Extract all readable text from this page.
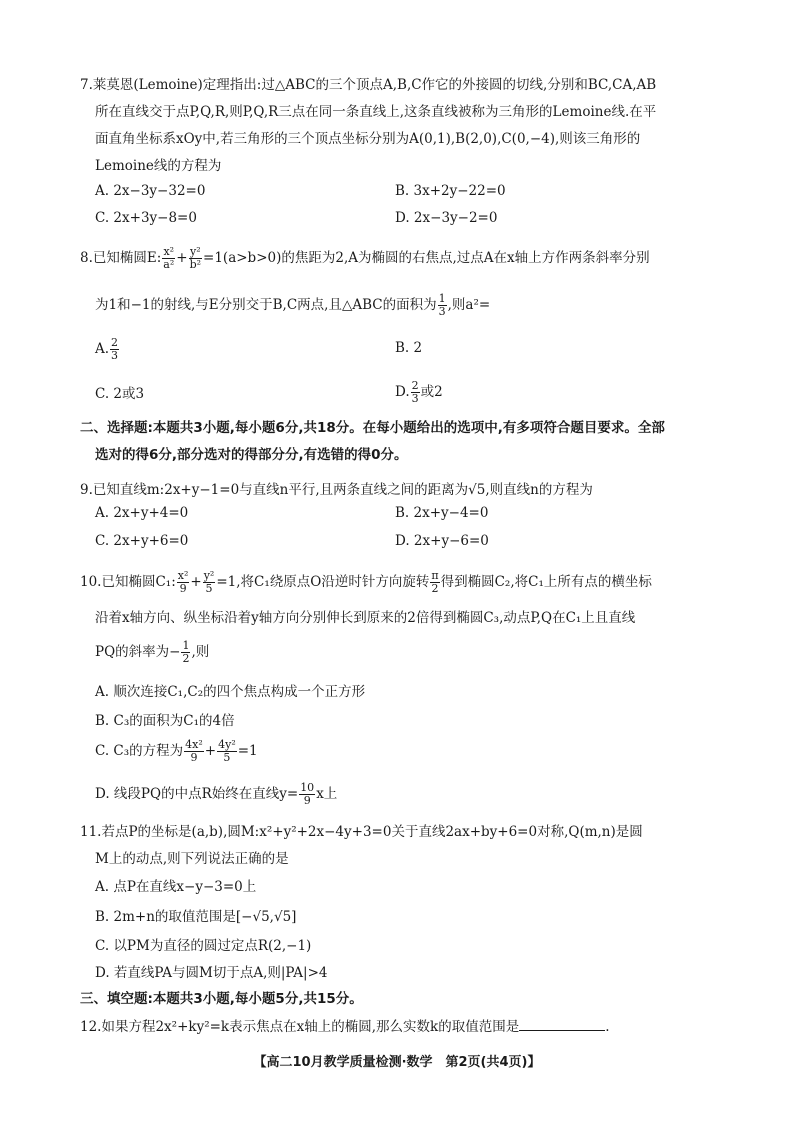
7.莱莫恩(Lemoine)定理指出:过△ABC的三个顶点A,B,C作它的外接圆的切线,分别和BC,CA,AB
所在直线交于点P,Q,R,则P,Q,R三点在同一条直线上,这条直线被称为三角形的Lemoine线.在平
面直角坐标系xOy中,若三角形的三个顶点坐标分别为A(0,1),B(2,0),C(0,−4),则该三角形的
Lemoine线的方程为
A. 2x−3y−32=0	B. 3x+2y−22=0
C. 2x+3y−8=0	D. 2x−3y−2=0
8.已知椭圆E: $\frac{\text{x²}}{\text{a²}} + \frac{\text{y²}}{\text{b²}} =1(a>b>0)$的焦距为2,A为椭圆的右焦点,过点A在x轴上方作两条斜率分别
为1和−1的射线,与E分别交于B,C两点,且△ABC的面积为 $\frac{1}{3}$ ,则a²=
A. $\frac{2}{3}$	B. 2
C. 2或3	D. $\frac{2}{3}$ 或2
二、选择题:本题共3小题,每小题6分,共18分。在每小题给出的选项中,有多项符合题目要求。全部
选对的得6分,部分选对的得部分分,有选错的得0分。
9.已知直线m:2x+y−1=0与直线n平行,且两条直线之间的距离为√5,则直线n的方程为
A. 2x+y+4=0	B. 2x+y−4=0
C. 2x+y+6=0	D. 2x+y−6=0
10.已知椭圆C₁: $\frac{\text{x²}}{9} + \frac{\text{y²}}{5} =1$,将C₁绕原点O沿逆时针方向旋转 $\frac{\pi}{2}$ 得到椭圆C₂,将C₁上所有点的横坐标
沿着x轴方向、纵坐标沿着y轴方向分别伸长到原来的2倍得到椭圆C₃,动点P,Q在C₁上且直线
PQ的斜率为− $\frac{1}{2}$ ,则
A. 顺次连接C₁,C₂的四个焦点构成一个正方形
B. C₃的面积为C₁的4倍
C. C₃的方程为 $\frac{\text{4x²}}{9} + \frac{\text{4y²}}{5} =1$
D. 线段PQ的中点R始终在直线$y= \frac{10}{9}$ x上
11.若点P的坐标是(a,b),圆M:x²+y²+2x−4y+3=0关于直线2ax+by+6=0对称,Q(m,n)是圆
M上的动点,则下列说法正确的是
A. 点P在直线x−y−3=0上
B. 2m+n的取值范围是[−√5,√5]
C. 以PM为直径的圆过定点R(2,−1)
D. 若直线PA与圆M切于点A,则|PA|>4
三、填空题:本题共3小题,每小题5分,共15分。
12.如果方程2x²+ky²=k表示焦点在x轴上的椭圆,那么实数k的取值范围是	.
【高二10月教学质量检测·数学　第2页(共4页)】
